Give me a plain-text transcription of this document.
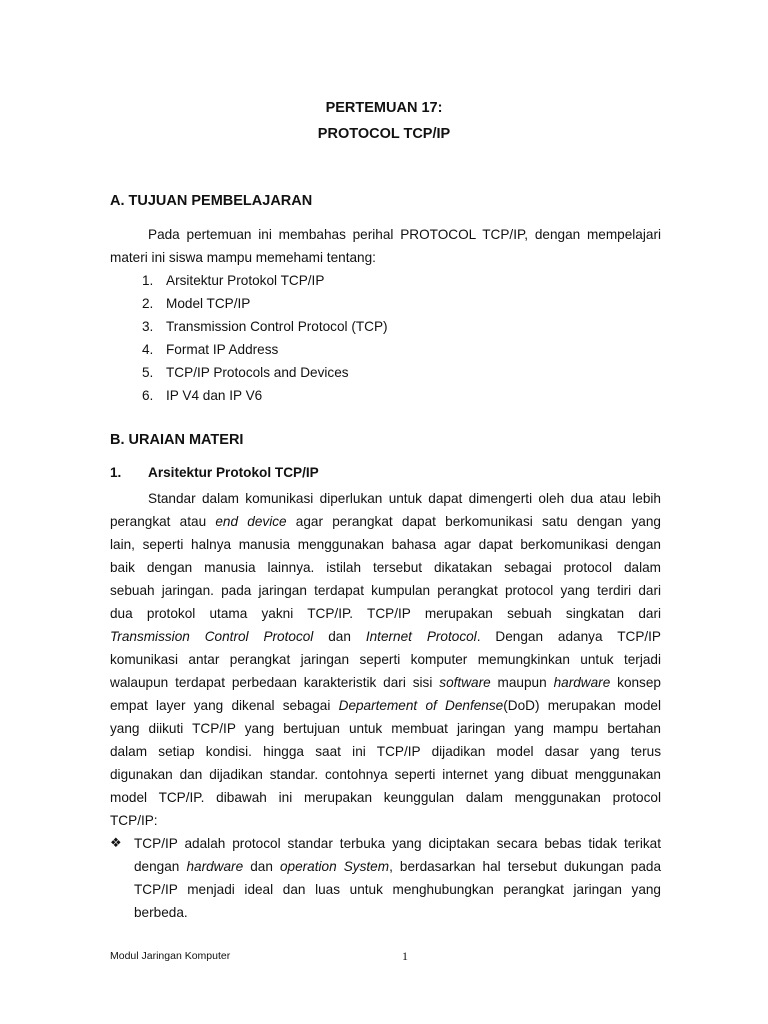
PERTEMUAN 17:
PROTOCOL TCP/IP
A. TUJUAN PEMBELAJARAN
Pada pertemuan ini membahas perihal PROTOCOL TCP/IP, dengan mempelajari
materi ini siswa mampu memehami tentang:
1. Arsitektur Protokol TCP/IP
2. Model TCP/IP
3. Transmission Control Protocol (TCP)
4. Format IP Address
5. TCP/IP Protocols and Devices
6. IP V4 dan IP V6
B. URAIAN MATERI
1. Arsitektur Protokol TCP/IP
Standar dalam komunikasi diperlukan untuk dapat dimengerti oleh dua atau lebih
perangkat atau end device agar perangkat dapat berkomunikasi satu dengan yang
lain, seperti halnya manusia menggunakan bahasa agar dapat berkomunikasi dengan
baik dengan manusia lainnya. istilah tersebut dikatakan sebagai protocol dalam
sebuah jaringan. pada jaringan terdapat kumpulan perangkat protocol yang terdiri dari
dua protokol utama yakni TCP/IP. TCP/IP merupakan sebuah singkatan dari
Transmission Control Protocol dan Internet Protocol. Dengan adanya TCP/IP
komunikasi antar perangkat jaringan seperti komputer memungkinkan untuk terjadi
walaupun terdapat perbedaan karakteristik dari sisi software maupun hardware konsep
empat layer yang dikenal sebagai Departement of Denfense(DoD) merupakan model
yang diikuti TCP/IP yang bertujuan untuk membuat jaringan yang mampu bertahan
dalam setiap kondisi. hingga saat ini TCP/IP dijadikan model dasar yang terus
digunakan dan dijadikan standar. contohnya seperti internet yang dibuat menggunakan
model TCP/IP. dibawah ini merupakan keunggulan dalam menggunakan protocol
TCP/IP:
❖ TCP/IP adalah protocol standar terbuka yang diciptakan secara bebas tidak terikat
dengan hardware dan operation System, berdasarkan hal tersebut dukungan pada
TCP/IP menjadi ideal dan luas untuk menghubungkan perangkat jaringan yang
berbeda.
Modul Jaringan Komputer	1
